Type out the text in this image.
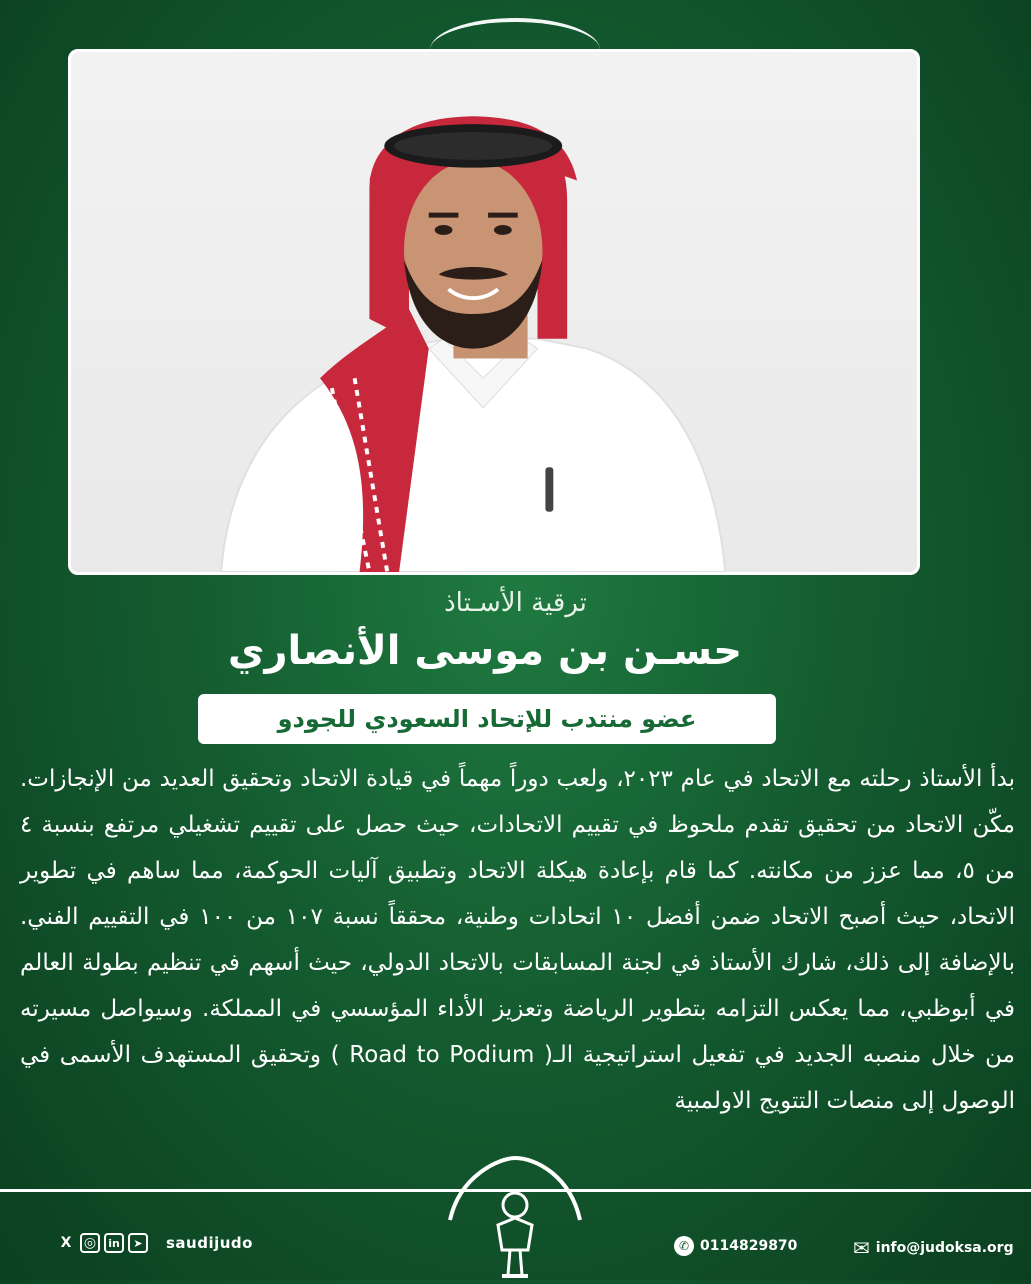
ترقية الأسـتاذ
حسـن بن موسى الأنصاري
عضو منتدب للإتحاد السعودي للجودو
بدأ الأستاذ رحلته مع الاتحاد في عام ٢٠٢٣، ولعب دوراً مهماً في قيادة الاتحاد وتحقيق العديد من الإنجازات. مكّن الاتحاد من تحقيق تقدم ملحوظ في تقييم الاتحادات، حيث حصل على تقييم تشغيلي مرتفع بنسبة ٤ من ٥، مما عزز من مكانته. كما قام بإعادة هيكلة الاتحاد وتطبيق آليات الحوكمة، مما ساهم في تطوير الاتحاد، حيث أصبح الاتحاد ضمن أفضل ١٠ اتحادات وطنية، محققاً نسبة ١٠٧ من ١٠٠ في التقييم الفني. بالإضافة إلى ذلك، شارك الأستاذ في لجنة المسابقات بالاتحاد الدولي، حيث أسهم في تنظيم بطولة العالم في أبوظبي، مما يعكس التزامه بتطوير الرياضة وتعزيز الأداء المؤسسي في المملكة. وسيواصل مسيرته من خلال منصبه الجديد في تفعيل استراتيجية الـ( Road to Podium ) وتحقيق المستهدف الأسمى في الوصول إلى منصات التتويج الاولمبية
X ◎	in	➤	saudijudo	✆ 0114829870	✉ info@judoksa.org
